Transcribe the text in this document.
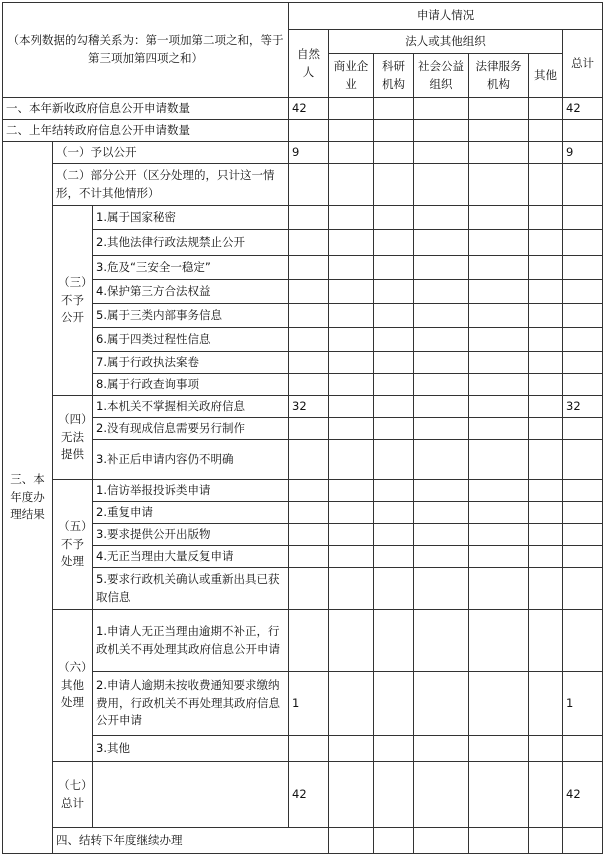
（本列数据的勾稽关系为：第一项加第二项之和，等于第三项加第四项之和）			申请人情况							
			自然人	法人或其他组织					总计	
				商业企业	科研机构	社会公益组织	法律服务机构	其他		
一、本年新收政府信息公开申请数量			42						42	
二、上年结转政府信息公开申请数量										
三、本年度办理结果	（一）予以公开		9						9	
	（二）部分公开（区分处理的，只计这一情形，不计其他情形）									
	（三）不予公开	1.属于国家秘密								
		2.其他法律行政法规禁止公开								
		3.危及“三安全一稳定”								
		4.保护第三方合法权益								
		5.属于三类内部事务信息								
		6.属于四类过程性信息								
		7.属于行政执法案卷								
		8.属于行政查询事项								
	（四）无法提供	1.本机关不掌握相关政府信息	32						32	
		2.没有现成信息需要另行制作								
		3.补正后申请内容仍不明确								
	（五）不予处理	1.信访举报投诉类申请								
		2.重复申请								
		3.要求提供公开出版物								
		4.无正当理由大量反复申请								
		5.要求行政机关确认或重新出具已获取信息								
	（六）其他处理	1.申请人无正当理由逾期不补正，行政机关不再处理其政府信息公开申请								
		2.申请人逾期未按收费通知要求缴纳费用，行政机关不再处理其政府信息公开申请	1						1	
		3.其他								
	（七）总计		42						42	
	四、结转下年度继续办理									
